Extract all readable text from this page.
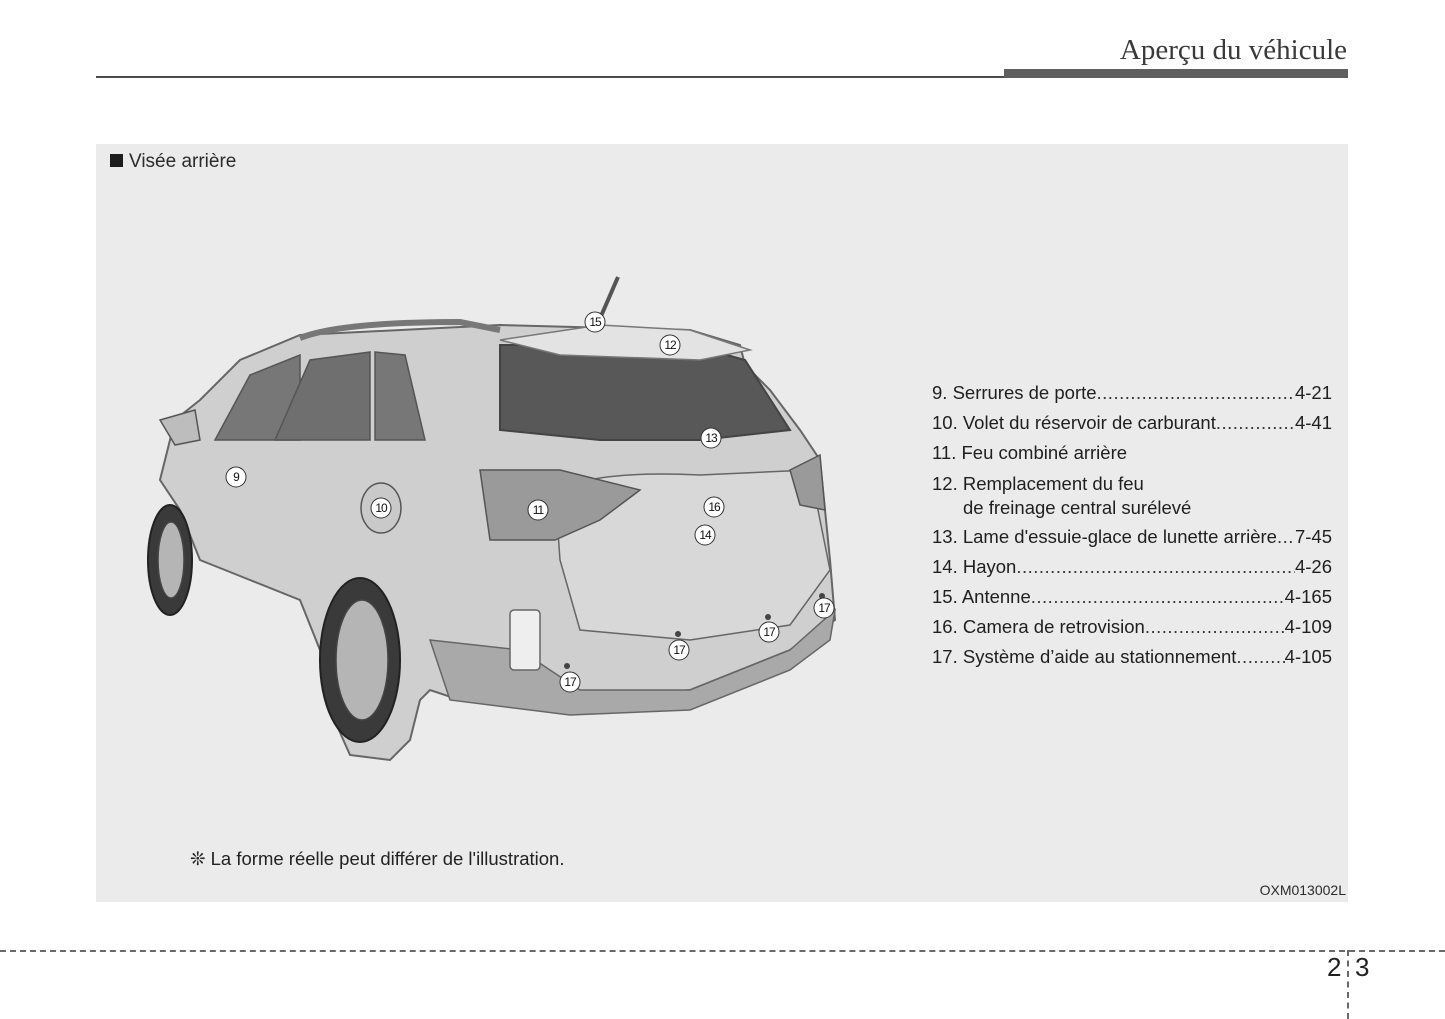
Aperçu du véhicule
Visée arrière
9
10	11
12
13
14
15
16
17
17
17
17
9. Serrures de porte .....	4-21
10. Volet du réservoir de carburant .....	4-41
11. Feu combiné arrière
12. Remplacement du feu
de freinage central surélevé
13. Lame d'essuie-glace de lunette arrière ..... 7-45
14. Hayon .....	4-26
15. Antenne .....	4-165
16. Camera de retrovision .....	4-109
17. Système d’aide au stationnement .....	4-105
❊ La forme réelle peut différer de l'illustration.
OXM013002L
2 3
